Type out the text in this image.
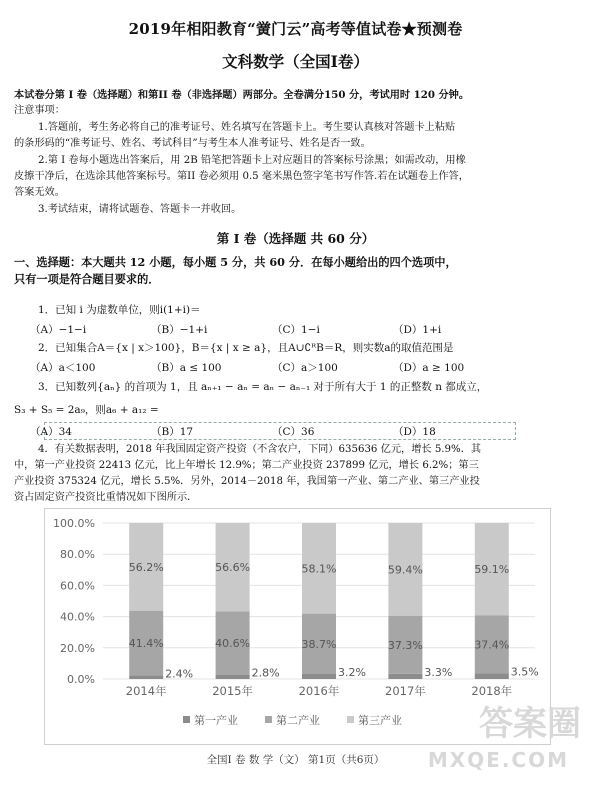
2019年相阳教育“黉门云”高考等值试卷★预测卷
文科数学（全国I卷）
本试卷分第 I 卷（选择题）和第II 卷（非选择题）两部分。全卷满分150 分，考试用时 120 分钟。
注意事项：
1.答题前，考生务必将自己的准考证号、姓名填写在答题卡上。考生要认真核对答题卡上粘贴
的条形码的“准考证号、姓名、考试科目”与考生本人准考证号、姓名是否一致。
2.第 I 卷每小题选出答案后，用 2B 铅笔把答题卡上对应题目的答案标号涂黑；如需改动，用橡
皮擦干净后，在选涂其他答案标号。第II 卷必须用 0.5 毫米黑色签字笔书写作答.若在试题卷上作答，
答案无效。
3.考试结束，请将试题卷、答题卡一并收回。
第 I 卷（选择题 共 60 分）
一、选择题：本大题共 12 小题，每小题 5 分，共 60 分．在每小题给出的四个选项中，
只有一项是符合题目要求的．
1．已知 i 为虚数单位，则i(1+i)＝
（A）−1−i	（B）−1+i	（C）1−i	（D）1+i
2．已知集合A＝{x | x＞100}，B＝{x | x ≥ a}，且A∪∁ᴿB＝R，则实数a的取值范围是
（A）a＜100	（B）a ≤ 100	（C）a＞100	（D）a ≥ 100
3．已知数列{aₙ} 的首项为 1，且 aₙ₊₁ − aₙ = aₙ − aₙ₋₁ 对于所有大于 1 的正整数 n 都成立，
S₃ + S₅ = 2a₉，则a₆ + a₁₂ =
（A）34	（B）17	（C）36	（D）18
4．有关数据表明，2018 年我国固定资产投资（不含农户，下同）635636 亿元，增长 5.9%．其
中，第一产业投资 22413 亿元，比上年增长 12.9%；第二产业投资 237899 亿元，增长 6.2%；第三
产业投资 375324 亿元，增长 5.5%．另外，2014－2018 年，我国第一产业、第二产业、第三产业投
资占固定资产投资比重情况如下图所示．
0.0%
20.0%
40.0%
60.0%
80.0%
100.0%
2.4%
41.4%
56.2%
2014年
2.8%
40.6%
56.6%
2015年
3.2%
38.7%
58.1%
2016年
3.3%
37.3%
59.4%
2017年
3.5%
37.4%
59.1%
2018年
第一产业	第二产业	第三产业
全国I 卷 数 学（文） 第1页（共6页）
答案圈
MXQE.COM
